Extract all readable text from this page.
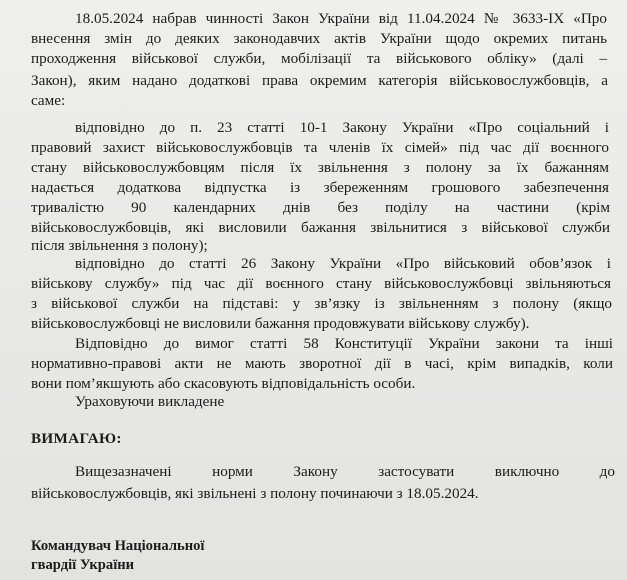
18.05.2024 набрав чинності Закон України від 11.04.2024 № 3633-IX «Про
внесення змін до деяких законодавчих актів України щодо окремих питань
проходження військової служби, мобілізації та військового обліку» (далі –
Закон), яким надано додаткові права окремим категорія військовослужбовців, а
саме:
відповідно до п. 23 статті 10-1 Закону України «Про соціальний і
правовий захист військовослужбовців та членів їх сімей» під час дії воєнного
стану військовослужбовцям після їх звільнення з полону за їх бажанням
надається додаткова відпустка із збереженням грошового забезпечення
тривалістю 90 календарних днів без поділу на частини (крім
військовослужбовців, які висловили бажання звільнитися з військової служби
після звільнення з полону);
відповідно до статті 26 Закону України «Про військовий обов’язок і
військову службу» під час дії воєнного стану військовослужбовці звільняються
з військової служби на підставі: у зв’язку із звільненням з полону (якщо
військовослужбовці не висловили бажання продовжувати військову службу).
Відповідно до вимог статті 58 Конституції України закони та інші
нормативно-правові акти не мають зворотної дії в часі, крім випадків, коли
вони пом’якшують або скасовують відповідальність особи.
Ураховуючи викладене
ВИМАГАЮ:
Вищезазначені норми Закону застосувати виключно до
військовослужбовців, які звільнені з полону починаючи з 18.05.2024.
Командувач Національної
гвардії України
